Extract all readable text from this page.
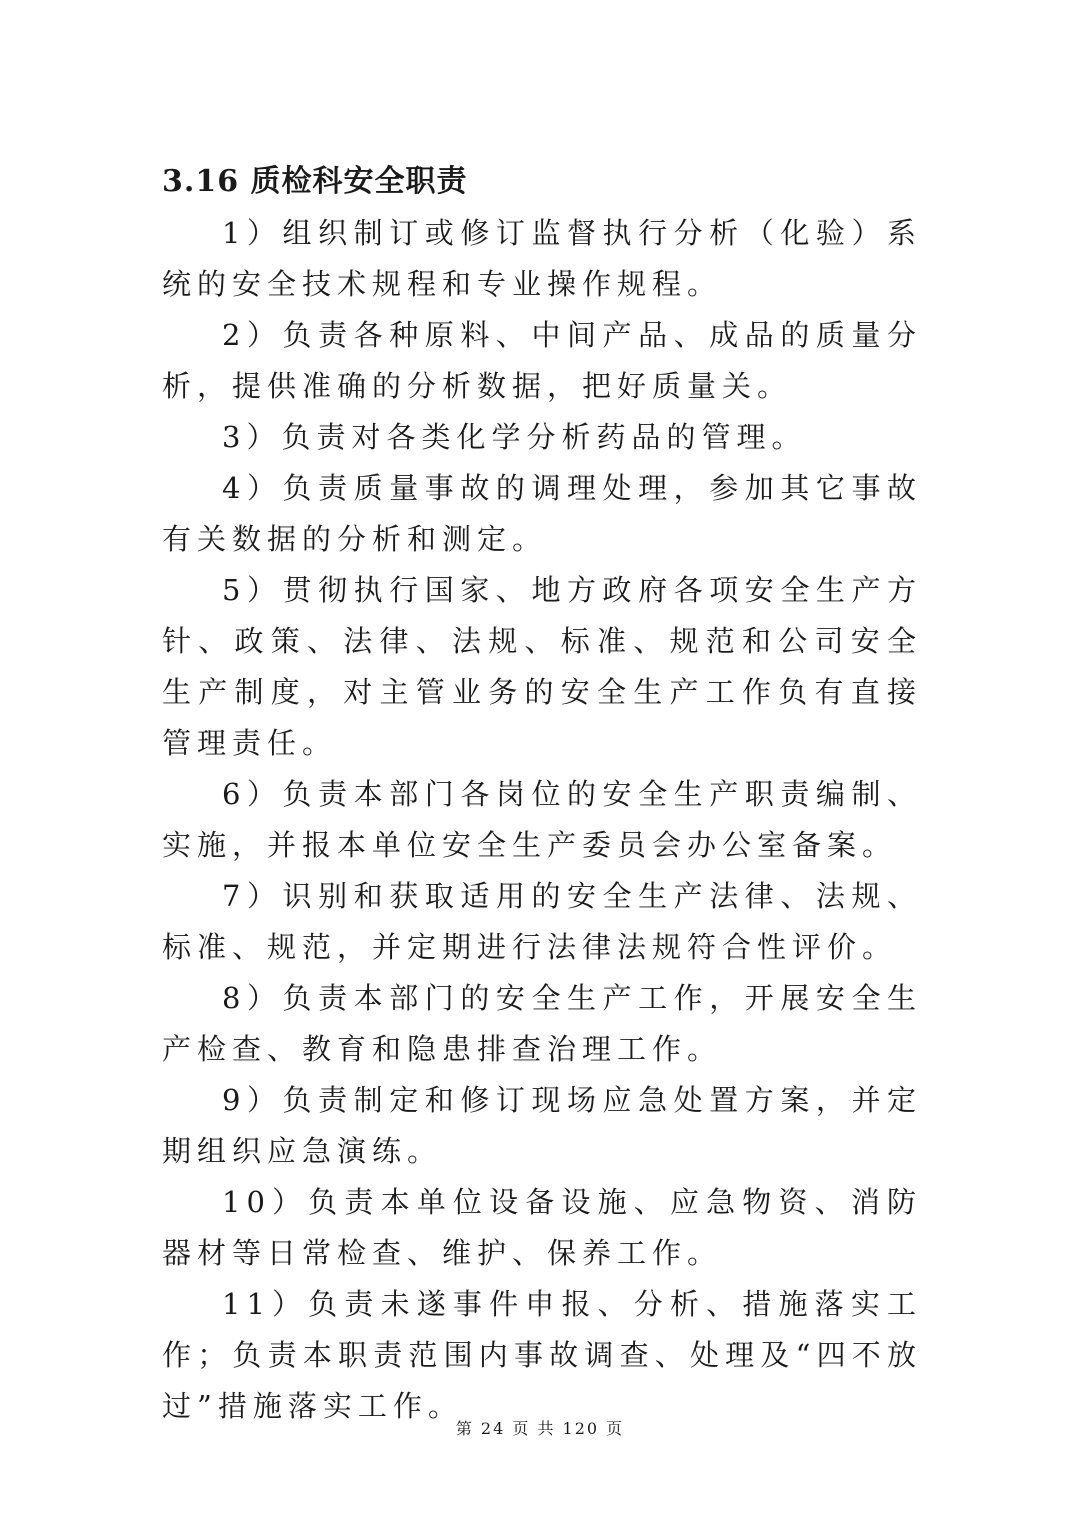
3.16 质检科安全职责

1）组织制订或修订监督执行分析（化验）系统的安全技术规程和专业操作规程。

2）负责各种原料、中间产品、成品的质量分析，提供准确的分析数据，把好质量关。

3）负责对各类化学分析药品的管理。

4）负责质量事故的调理处理，参加其它事故有关数据的分析和测定。

5）贯彻执行国家、地方政府各项安全生产方针、政策、法律、法规、标准、规范和公司安全生产制度，对主管业务的安全生产工作负有直接管理责任。

6）负责本部门各岗位的安全生产职责编制、实施，并报本单位安全生产委员会办公室备案。

7）识别和获取适用的安全生产法律、法规、标准、规范，并定期进行法律法规符合性评价。

8）负责本部门的安全生产工作，开展安全生产检查、教育和隐患排查治理工作。

9）负责制定和修订现场应急处置方案，并定期组织应急演练。

10）负责本单位设备设施、应急物资、消防器材等日常检查、维护、保养工作。

11）负责未遂事件申报、分析、措施落实工作；负责本职责范围内事故调查、处理及“四不放过”措施落实工作。

第 24 页 共 120 页
